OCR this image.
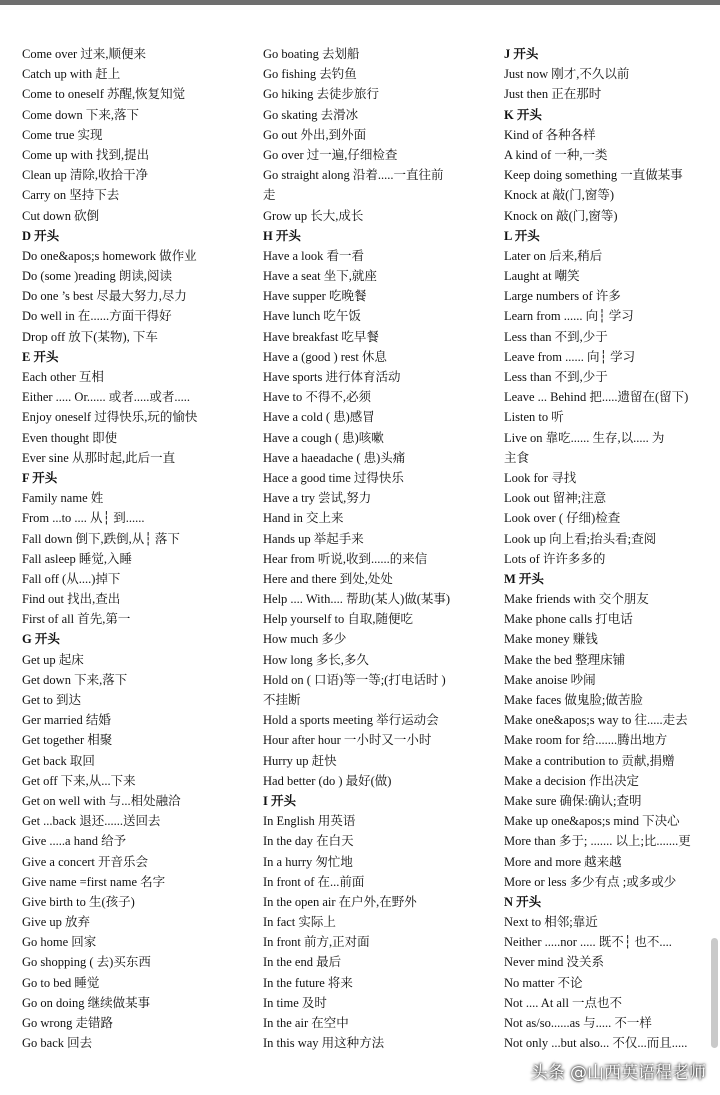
Come over 过来,顺便来
Catch up with 赶上
Come to oneself 苏醒,恢复知觉
Come down 下来,落下
Come true 实现
Come up with 找到,提出
Clean up 清除,收拾干净
Carry on 坚持下去
Cut down 砍倒
D 开头
Do one&apos;s homework 做作业
Do (some )reading 朗读,阅读
Do one ’s best 尽最大努力,尽力
Do well in 在......方面干得好
Drop off 放下(某物), 下车
E 开头
Each other 互相
Either ..... Or...... 或者.....或者.....
Enjoy oneself 过得快乐,玩的愉快
Even thought 即使
Ever sine 从那时起,此后一直
F 开头
Family name 姓
From ...to .... 从┆ 到......
Fall down 倒下,跌倒,从┆ 落下
Fall asleep 睡觉,入睡
Fall off (从....)掉下
Find out 找出,查出
First of all 首先,第一
G 开头
Get up 起床
Get down 下来,落下
Get to 到达
Ger married 结婚
Get together 相聚
Get back 取回
Get off 下来,从...下来
Get on well with 与...相处融洽
Get ...back 退还......送回去
Give .....a hand 给予
Give a concert 开音乐会
Give name =first name 名字
Give birth to 生(孩子)
Give up 放弃
Go home 回家
Go shopping ( 去)买东西
Go to bed 睡觉
Go on doing 继续做某事
Go wrong 走错路
Go back 回去
Go boating 去划船
Go fishing 去钓鱼
Go hiking 去徒步旅行
Go skating 去滑冰
Go out 外出,到外面
Go over 过一遍,仔细检查
Go straight along 沿着.....一直往前
走
Grow up 长大,成长
H 开头
Have a look 看一看
Have a seat 坐下,就座
Have supper 吃晚餐
Have lunch 吃午饭
Have breakfast 吃早餐
Have a (good ) rest 休息
Have sports 进行体育活动
Have to 不得不,必须
Have a cold ( 患)感冒
Have a cough ( 患)咳嗽
Have a haeadache ( 患)头痛
Hace a good time 过得快乐
Have a try 尝试,努力
Hand in 交上来
Hands up 举起手来
Hear from 听说,收到......的来信
Here and there 到处,处处
Help .... With.... 帮助(某人)做(某事)
Help yourself to 自取,随便吃
How much 多少
How long 多长,多久
Hold on ( 口语)等一等;(打电话时 )
不挂断
Hold a sports meeting 举行运动会
Hour after hour 一小时又一小时
Hurry up 赶快
Had better (do ) 最好(做)
I 开头
In English 用英语
In the day 在白天
In a hurry 匆忙地
In front of 在...前面
In the open air 在户外,在野外
In fact 实际上
In front 前方,正对面
In the end 最后
In the future 将来
In time 及时
In the air 在空中
In this way 用这种方法
J 开头
Just now 刚才,不久以前
Just then 正在那时
K 开头
Kind of 各种各样
A kind of 一种,一类
Keep doing something 一直做某事
Knock at 敲(门,窗等)
Knock on 敲(门,窗等)
L 开头
Later on 后来,稍后
Laught at 嘲笑
Large numbers of 许多
Learn from ...... 向┆ 学习
Less than 不到,少于
Leave from ...... 向┆ 学习
Less than 不到,少于
Leave ... Behind 把.....遗留在(留下)
Listen to 听
Live on 靠吃...... 生存,以..... 为
主食
Look for 寻找
Look out 留神;注意
Look over ( 仔细)检查
Look up 向上看;抬头看;查阅
Lots of 许许多多的
M 开头
Make friends with 交个朋友
Make phone calls 打电话
Make money 赚钱
Make the bed 整理床铺
Make anoise 吵闹
Make faces 做鬼脸;做苦脸
Make one&apos;s way to 往.....走去
Make room for 给.......腾出地方
Make a contribution to 贡献,捐赠
Make a decision 作出决定
Make sure 确保:确认;查明
Make up one&apos;s mind 下决心
More than 多于; ....... 以上;比.......更
More and more 越来越
More or less 多少有点 ;或多或少
N 开头
Next to 相邻;靠近
Neither .....nor ..... 既不┆ 也不....
Never mind 没关系
No matter 不论
Not .... At all 一点也不
Not as/so......as 与..... 不一样
Not only ...but also... 不仅...而且.....
头条 @山西英语程老师
